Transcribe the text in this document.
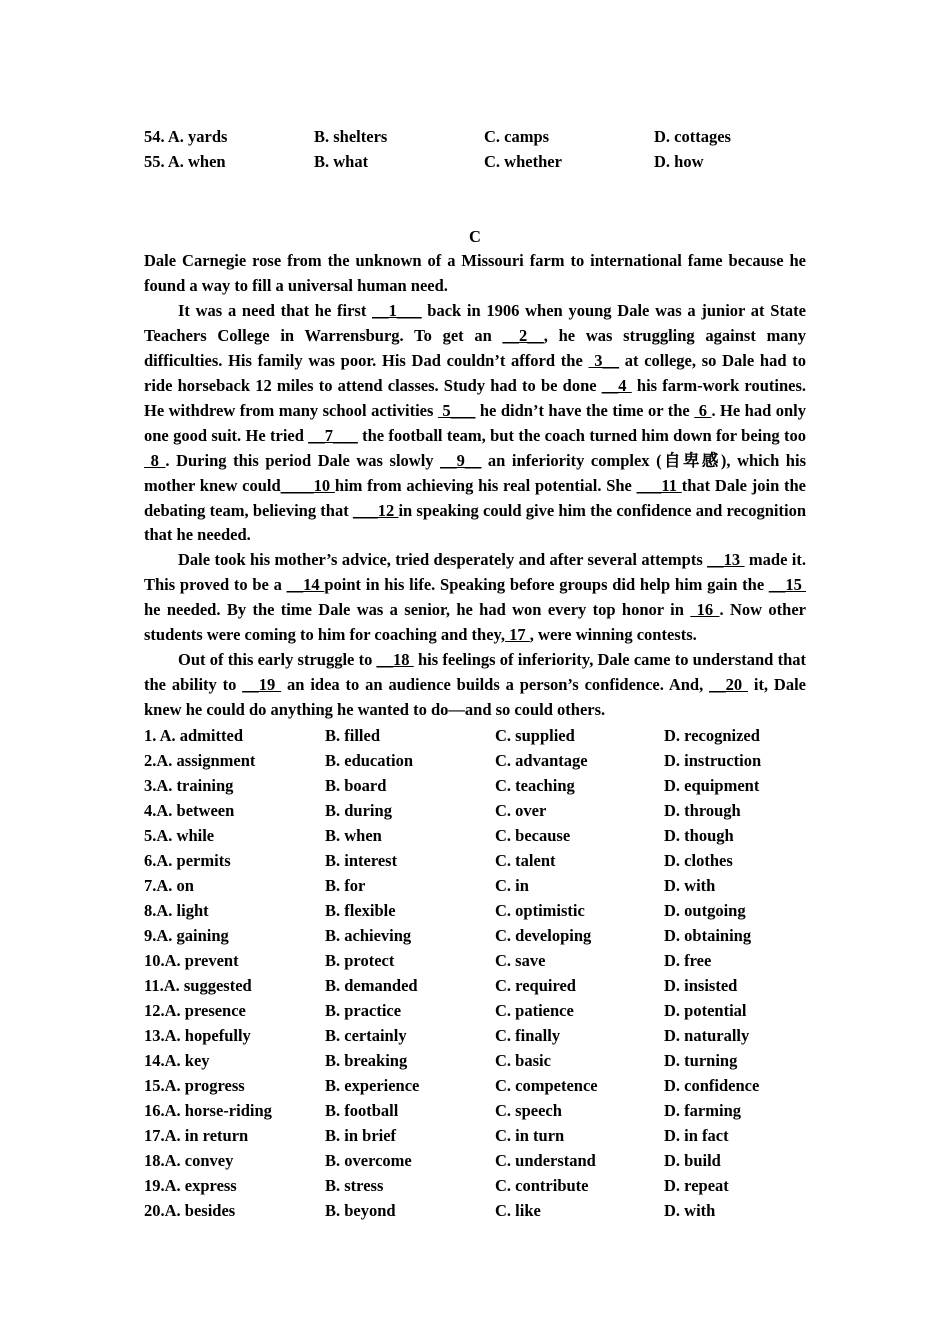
54. A. yards	B. shelters	C. camps	D. cottages
55. A. when	B. what	C. whether	D. how
C

Dale Carnegie rose from the unknown of a Missouri farm to international fame because he found a way to fill a universal human need.

It was a need that he first __1___ back in 1906 when young Dale was a junior at State Teachers College in Warrensburg. To get an __2__, he was struggling against many difficulties. His family was poor. His Dad couldn’t afford the  3__ at college, so Dale had to ride horseback 12 miles to attend classes. Study had to be done __4  his farm-work routines. He withdrew from many school activities  5___ he didn’t have the time or the  6 . He had only one good suit. He tried __7___ the football team, but the coach turned him down for being too  8 . During this period Dale was slowly __9__ an inferiority complex (自卑感), which his mother knew could____10 him from achieving his real potential. She ___11 that Dale join the debating team, believing that ___12 in speaking could give him the confidence and recognition that he needed.

Dale took his mother’s advice, tried desperately and after several attempts __13  made it. This proved to be a __14 point in his life. Speaking before groups did help him gain the __15  he needed. By the time Dale was a senior, he had won every top honor in  16 . Now other students were coming to him for coaching and they, 17 , were winning contests.

Out of this early struggle to __18  his feelings of inferiority, Dale came to understand that the ability to __19  an idea to an audience builds a person’s confidence. And, __20  it, Dale knew he could do anything he wanted to do—and so could others.

1. A. admitted	B. filled	C. supplied	D. recognized
2.A. assignment	B. education	C. advantage	D. instruction
3.A. training	B. board	C. teaching	D. equipment
4.A. between	B. during	C. over	D. through
5.A. while	B. when	C. because	D. though
6.A. permits	B. interest	C. talent	D. clothes
7.A. on	B. for	C. in	D. with
8.A. light	B. flexible	C. optimistic	D. outgoing
9.A. gaining	B. achieving	C. developing	D. obtaining
10.A. prevent	B. protect	C. save	D. free
11.A. suggested	B. demanded	C. required	D. insisted
12.A. presence	B. practice	C. patience	D. potential
13.A. hopefully	B. certainly	C. finally	D. naturally
14.A. key	B. breaking	C. basic	D. turning
15.A. progress	B. experience	C. competence	D. confidence
16.A. horse-riding	B. football	C. speech	D. farming
17.A. in return	B. in brief	C. in turn	D. in fact
18.A. convey	B. overcome	C. understand	D. build
19.A. express	B. stress	C. contribute	D. repeat
20.A. besides	B. beyond	C. like	D. with
